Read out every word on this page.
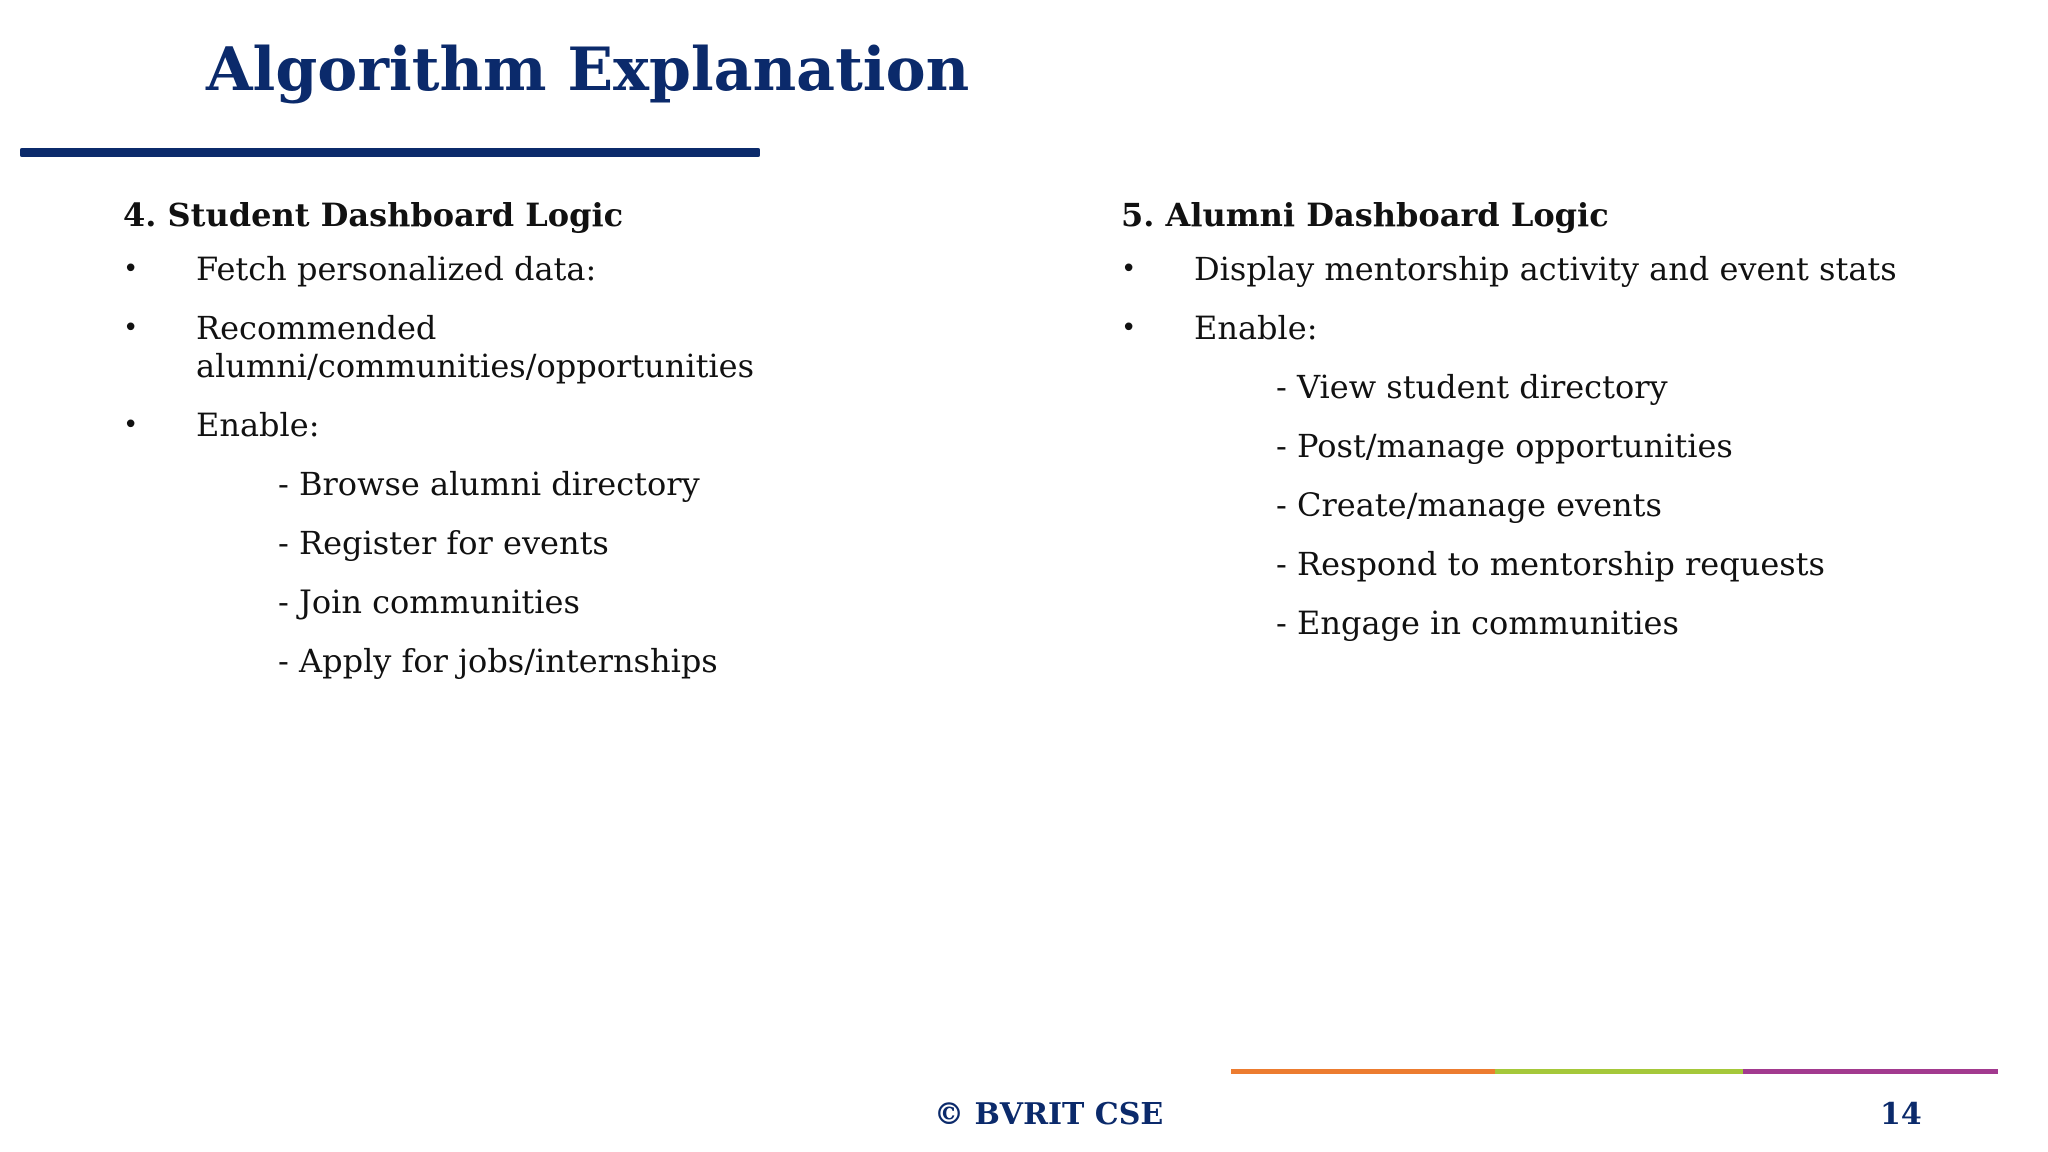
Algorithm Explanation
4. Student Dashboard Logic
•	Fetch personalized data:
•	Recommended
alumni/communities/opportunities
•	Enable:
- Browse alumni directory
- Register for events
- Join communities
- Apply for jobs/internships
5. Alumni Dashboard Logic
•	Display mentorship activity and event stats
•	Enable:
- View student directory
- Post/manage opportunities
- Create/manage events
- Respond to mentorship requests
- Engage in communities
© BVRIT CSE	14
